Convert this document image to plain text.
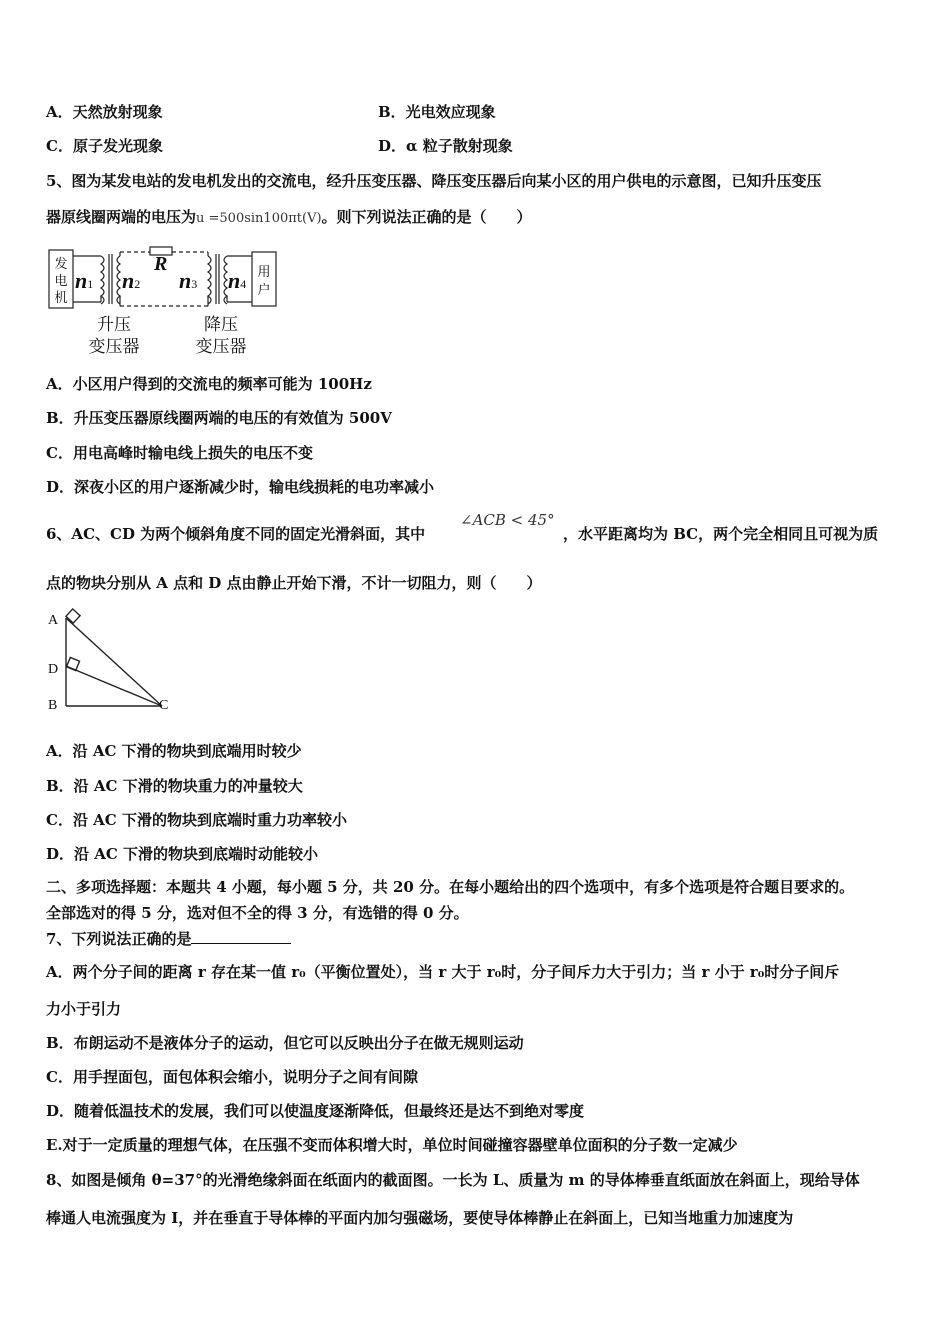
A．天然放射现象	B．光电效应现象
C．原子发光现象	D．α 粒子散射现象
5、图为某发电站的发电机发出的交流电，经升压变压器、降压变压器后向某小区的用户供电的示意图，已知升压变压
器原线圈两端的电压为u =500sin100πt(V)。则下列说法正确的是（　　）
发
电
机
用
户
n1 n2 n3 n4
R
升压
变压器
降压
变压器
A．小区用户得到的交流电的频率可能为 100Hz
B．升压变压器原线圈两端的电压的有效值为 500V
C．用电高峰时输电线上损失的电压不变
D．深夜小区的用户逐渐减少时，输电线损耗的电功率减小
6、AC、CD 为两个倾斜角度不同的固定光滑斜面，其中
∠ACB < 45°
，水平距离均为 BC，两个完全相同且可视为质
点的物块分别从 A 点和 D 点由静止开始下滑，不计一切阻力，则（　　）
A
D
B	C
A．沿 AC 下滑的物块到底端用时较少
B．沿 AC 下滑的物块重力的冲量较大
C．沿 AC 下滑的物块到底端时重力功率较小
D．沿 AC 下滑的物块到底端时动能较小
二、多项选择题：本题共 4 小题，每小题 5 分，共 20 分。在每小题给出的四个选项中，有多个选项是符合题目要求的。
全部选对的得 5 分，选对但不全的得 3 分，有选错的得 0 分。
7、下列说法正确的是
A．两个分子间的距离 r 存在某一值 r₀（平衡位置处），当 r 大于 r₀时，分子间斥力大于引力；当 r 小于 r₀时分子间斥
力小于引力
B．布朗运动不是液体分子的运动，但它可以反映出分子在做无规则运动
C．用手捏面包，面包体积会缩小，说明分子之间有间隙
D．随着低温技术的发展，我们可以使温度逐渐降低，但最终还是达不到绝对零度
E.对于一定质量的理想气体，在压强不变而体积增大时，单位时间碰撞容器壁单位面积的分子数一定减少
8、如图是倾角 θ=37°的光滑绝缘斜面在纸面内的截面图。一长为 L、质量为 m 的导体棒垂直纸面放在斜面上，现给导体
棒通人电流强度为 I，并在垂直于导体棒的平面内加匀强磁场，要使导体棒静止在斜面上，已知当地重力加速度为
